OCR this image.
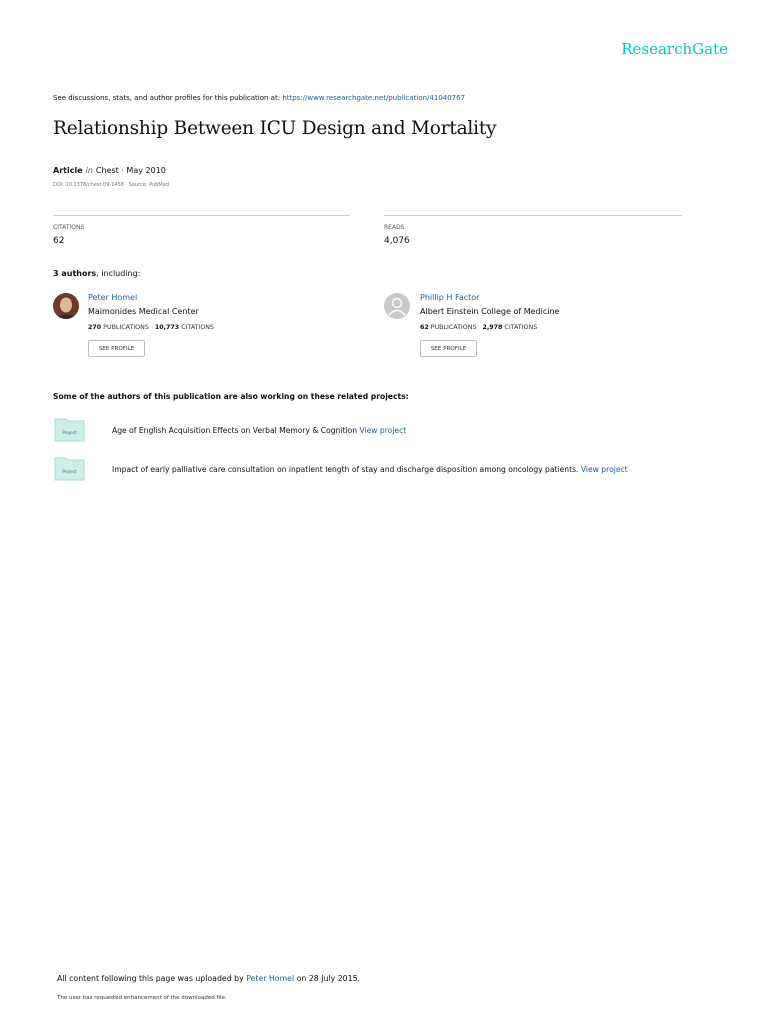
ResearchGate
See discussions, stats, and author profiles for this publication at: https://www.researchgate.net/publication/41040767
Relationship Between ICU Design and Mortality
Article in Chest · May 2010
DOI: 10.1378/chest.09-1458 · Source: PubMed
CITATIONS
62
READS
4,076
3 authors, including:
Peter Homel
Maimonides Medical Center
270 PUBLICATIONS 10,773 CITATIONS
SEE PROFILE
Phillip H Factor
Albert Einstein College of Medicine
62 PUBLICATIONS 2,978 CITATIONS
SEE PROFILE
Some of the authors of this publication are also working on these related projects:
Project	Age of English Acquisition Effects on Verbal Memory & Cognition View project
Project	Impact of early palliative care consultation on inpatient length of stay and discharge disposition among oncology patients. View project
All content following this page was uploaded by Peter Homel on 28 July 2015.
The user has requested enhancement of the downloaded file.
